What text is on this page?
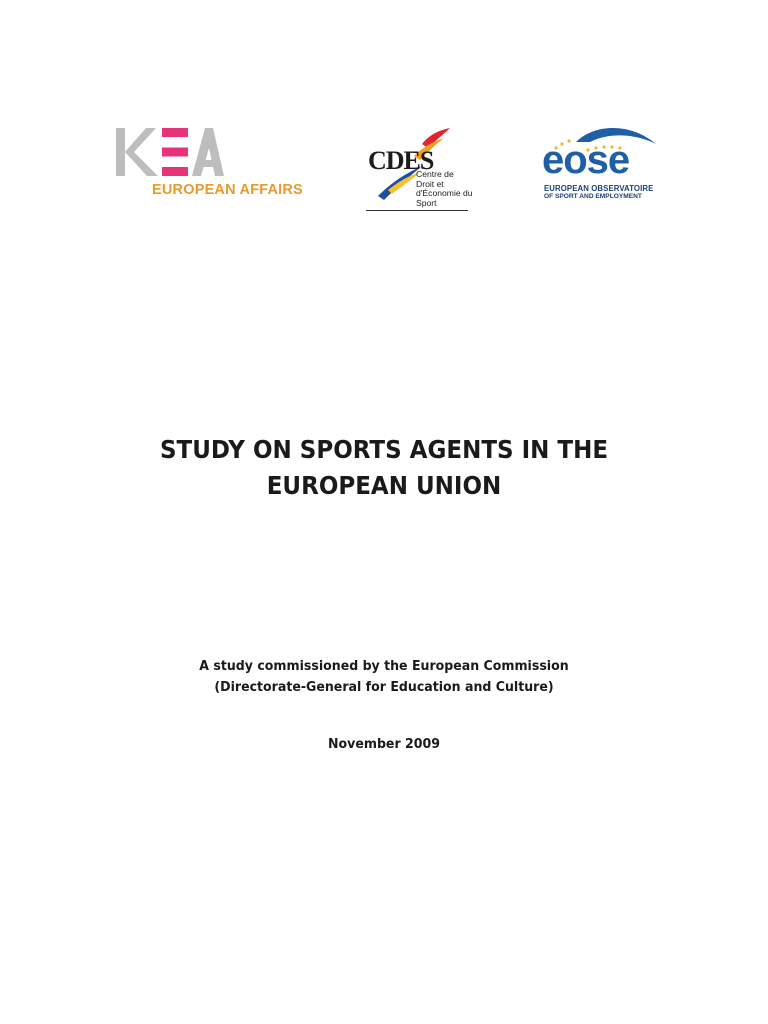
EUROPEAN AFFAIRS
CDES
Centre de
Droit et
d'Économie du
Sport
eose
EUROPEAN OBSERVATOIRE
OF SPORT AND EMPLOYMENT
STUDY ON SPORTS AGENTS IN THE
EUROPEAN UNION
A study commissioned by the European Commission
(Directorate-General for Education and Culture)
November 2009
